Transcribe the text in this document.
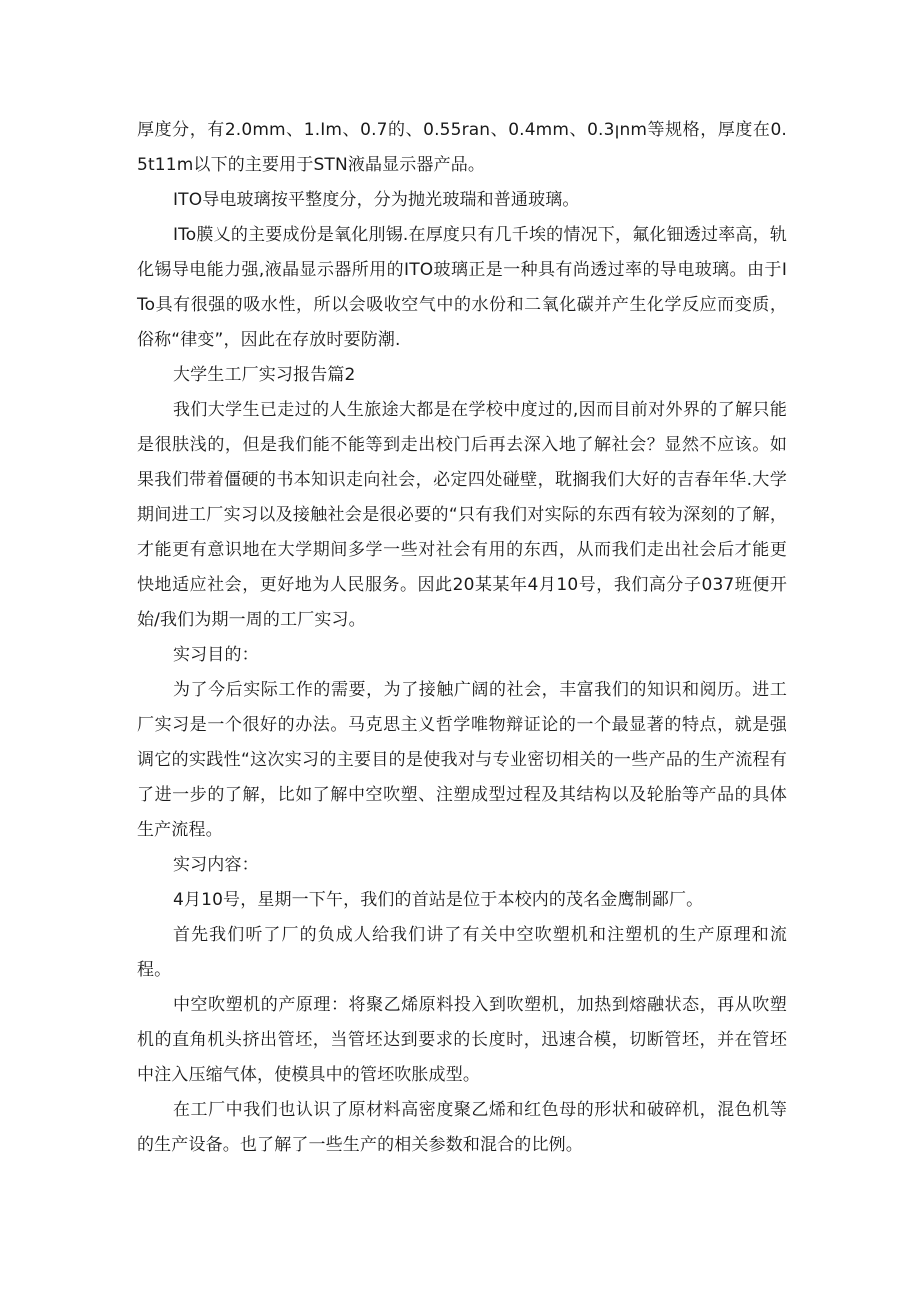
厚度分，有2.0mm、1.Im、0.7的、0.55ran、0.4mm、0.3ꞁnm等规格，厚度在0.5t11m以下的主要用于STN液晶显示器产品。

ITO导电玻璃按平整度分，分为抛光玻瑞和普通玻璃。

ITo膜乂的主要成份是氧化刖锡.在厚度只有几千埃的情况下，氟化钿透过率高，轨化锡导电能力强,液晶显示器所用的ITO玻璃正是一种具有尚透过率的导电玻璃。由于ITo具有很强的吸水性，所以会吸收空气中的水份和二氧化碳并产生化学反应而变质，俗称“律变”，因此在存放时要防潮.

大学生工厂实习报告篇2

我们大学生已走过的人生旅途大都是在学校中度过的,因而目前对外界的了解只能是很肤浅的，但是我们能不能等到走出校门后再去深入地了解社会？显然不应该。如果我们带着僵硬的书本知识走向社会，必定四处碰壁，耽搁我们大好的吉春年华.大学期间进工厂实习以及接触社会是很必要的“只有我们对实际的东西有较为深刻的了解，才能更有意识地在大学期间多学一些对社会有用的东西，从而我们走出社会后才能更快地适应社会，更好地为人民服务。因此20某某年4月10号，我们高分子037班便开始/我们为期一周的工厂实习。

实习目的：

为了今后实际工作的需要，为了接触广阔的社会，丰富我们的知识和阅历。进工厂实习是一个很好的办法。马克思主义哲学唯物辩证论的一个最显著的特点，就是强调它的实践性“这次实习的主要目的是使我对与专业密切相关的一些产品的生产流程有了进一步的了解，比如了解中空吹塑、注塑成型过程及其结构以及轮胎等产品的具体生产流程。

实习内容：

4月10号，星期一下午，我们的首站是位于本校内的茂名金鹰制鄙厂。

首先我们听了厂的负成人给我们讲了有关中空吹塑机和注塑机的生产原理和流程。

中空吹塑机的产原理：将聚乙烯原料投入到吹塑机，加热到熔融状态，再从吹塑机的直角机头挤出管坯，当管坯达到要求的长度时，迅速合模，切断管坯，并在管坯中注入压缩气体，使模具中的管坯吹胀成型。

在工厂中我们也认识了原材料高密度聚乙烯和红色母的形状和破碎机，混色机等的生产设备。也了解了一些生产的相关参数和混合的比例。
